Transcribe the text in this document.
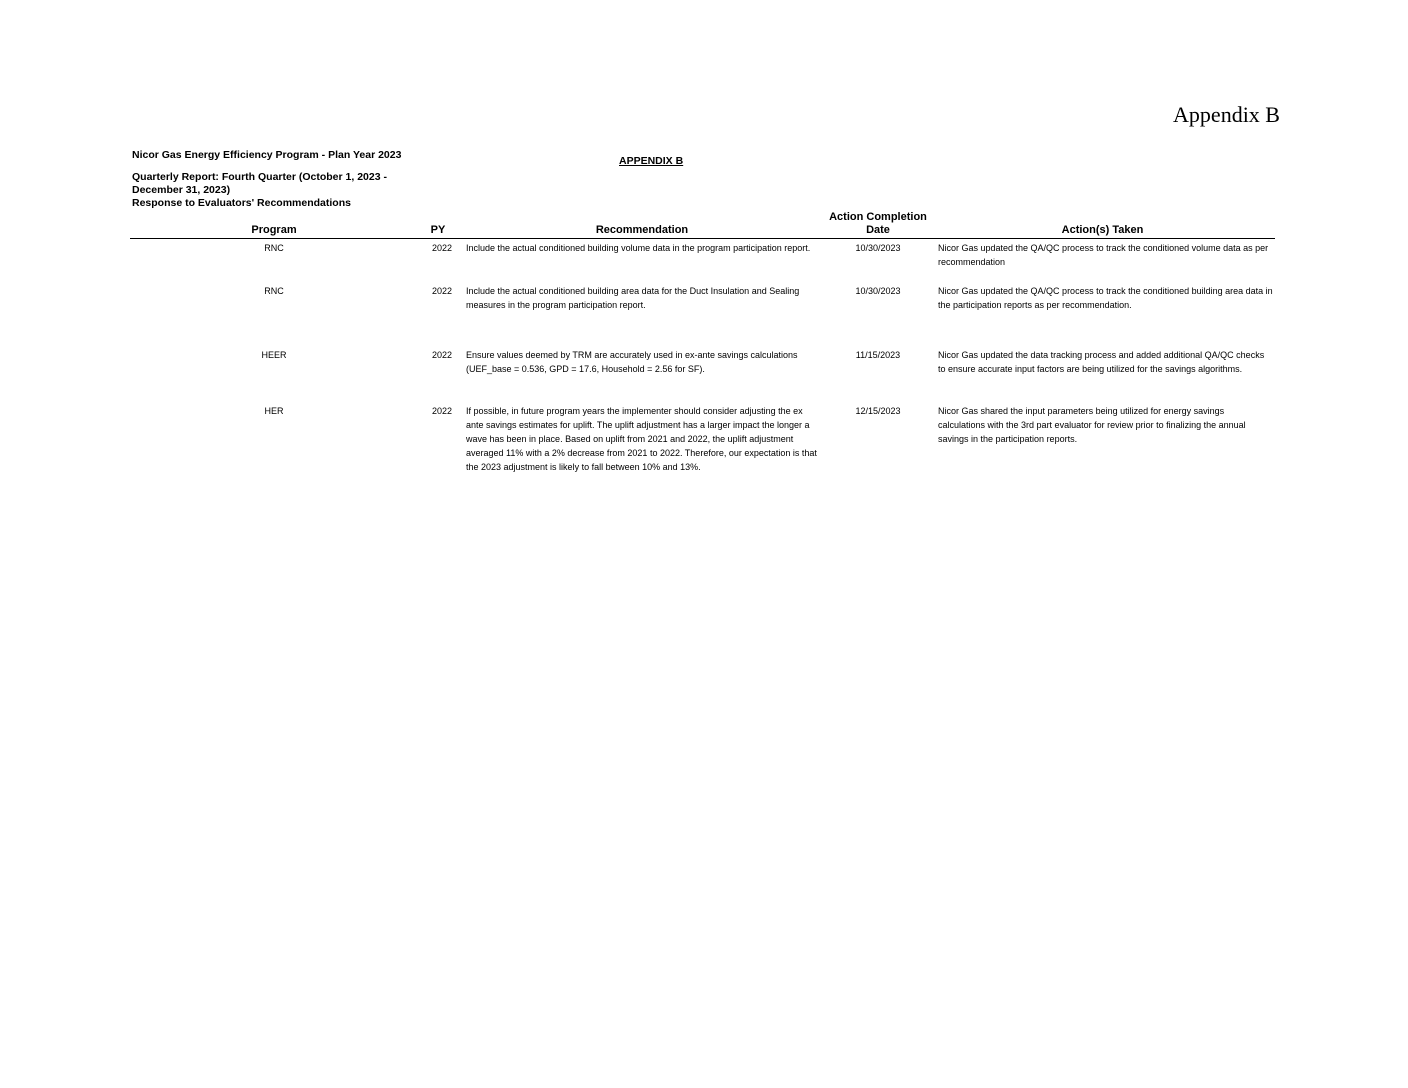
Appendix B
Nicor Gas Energy Efficiency Program - Plan Year 2023
Quarterly Report: Fourth Quarter (October 1, 2023 - December 31, 2023)
Response to Evaluators' Recommendations
APPENDIX B
Program	PY	Recommendation	Action Completion Date	Action(s) Taken
RNC	2022	Include the actual conditioned building volume data in the program participation report.	10/30/2023	Nicor Gas updated the QA/QC process to track the conditioned volume data as per recommendation
RNC	2022	Include the actual conditioned building area data for the Duct Insulation and Sealing measures in the program participation report.	10/30/2023	Nicor Gas updated the QA/QC process to track the conditioned building area data in the participation reports as per recommendation.
HEER	2022	Ensure values deemed by TRM are accurately used in ex-ante savings calculations (UEF_base = 0.536, GPD = 17.6, Household = 2.56 for SF).	11/15/2023	Nicor Gas updated the data tracking process and added additional QA/QC checks to ensure accurate input factors are being utilized for the savings algorithms.
HER	2022	If possible, in future program years the implementer should consider adjusting the ex ante savings estimates for uplift. The uplift adjustment has a larger impact the longer a wave has been in place. Based on uplift from 2021 and 2022, the uplift adjustment averaged 11% with a 2% decrease from 2021 to 2022. Therefore, our expectation is that the 2023 adjustment is likely to fall between 10% and 13%.	12/15/2023	Nicor Gas shared the input parameters being utilized for energy savings calculations with the 3rd part evaluator for review prior to finalizing the annual savings in the participation reports.
